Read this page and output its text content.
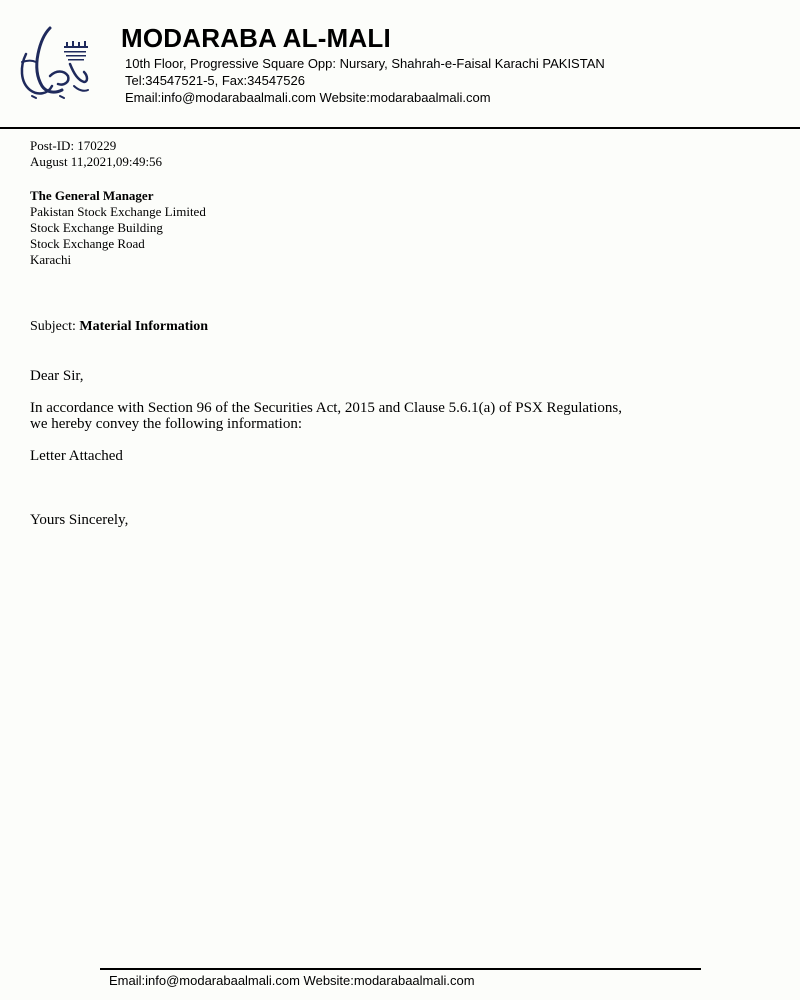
MODARABA AL-MALI
10th Floor, Progressive Square Opp: Nursary, Shahrah-e-Faisal Karachi PAKISTAN
Tel:34547521-5, Fax:34547526
Email:info@modarabaalmali.com Website:modarabaalmali.com
Post-ID: 170229
August 11,2021,09:49:56
The General Manager
Pakistan Stock Exchange Limited
Stock Exchange Building
Stock Exchange Road
Karachi
Subject: Material Information
Dear Sir,
In accordance with Section 96 of the Securities Act, 2015 and Clause 5.6.1(a) of PSX Regulations,
we hereby convey the following information:
Letter Attached
Yours Sincerely,
Email:info@modarabaalmali.com Website:modarabaalmali.com
